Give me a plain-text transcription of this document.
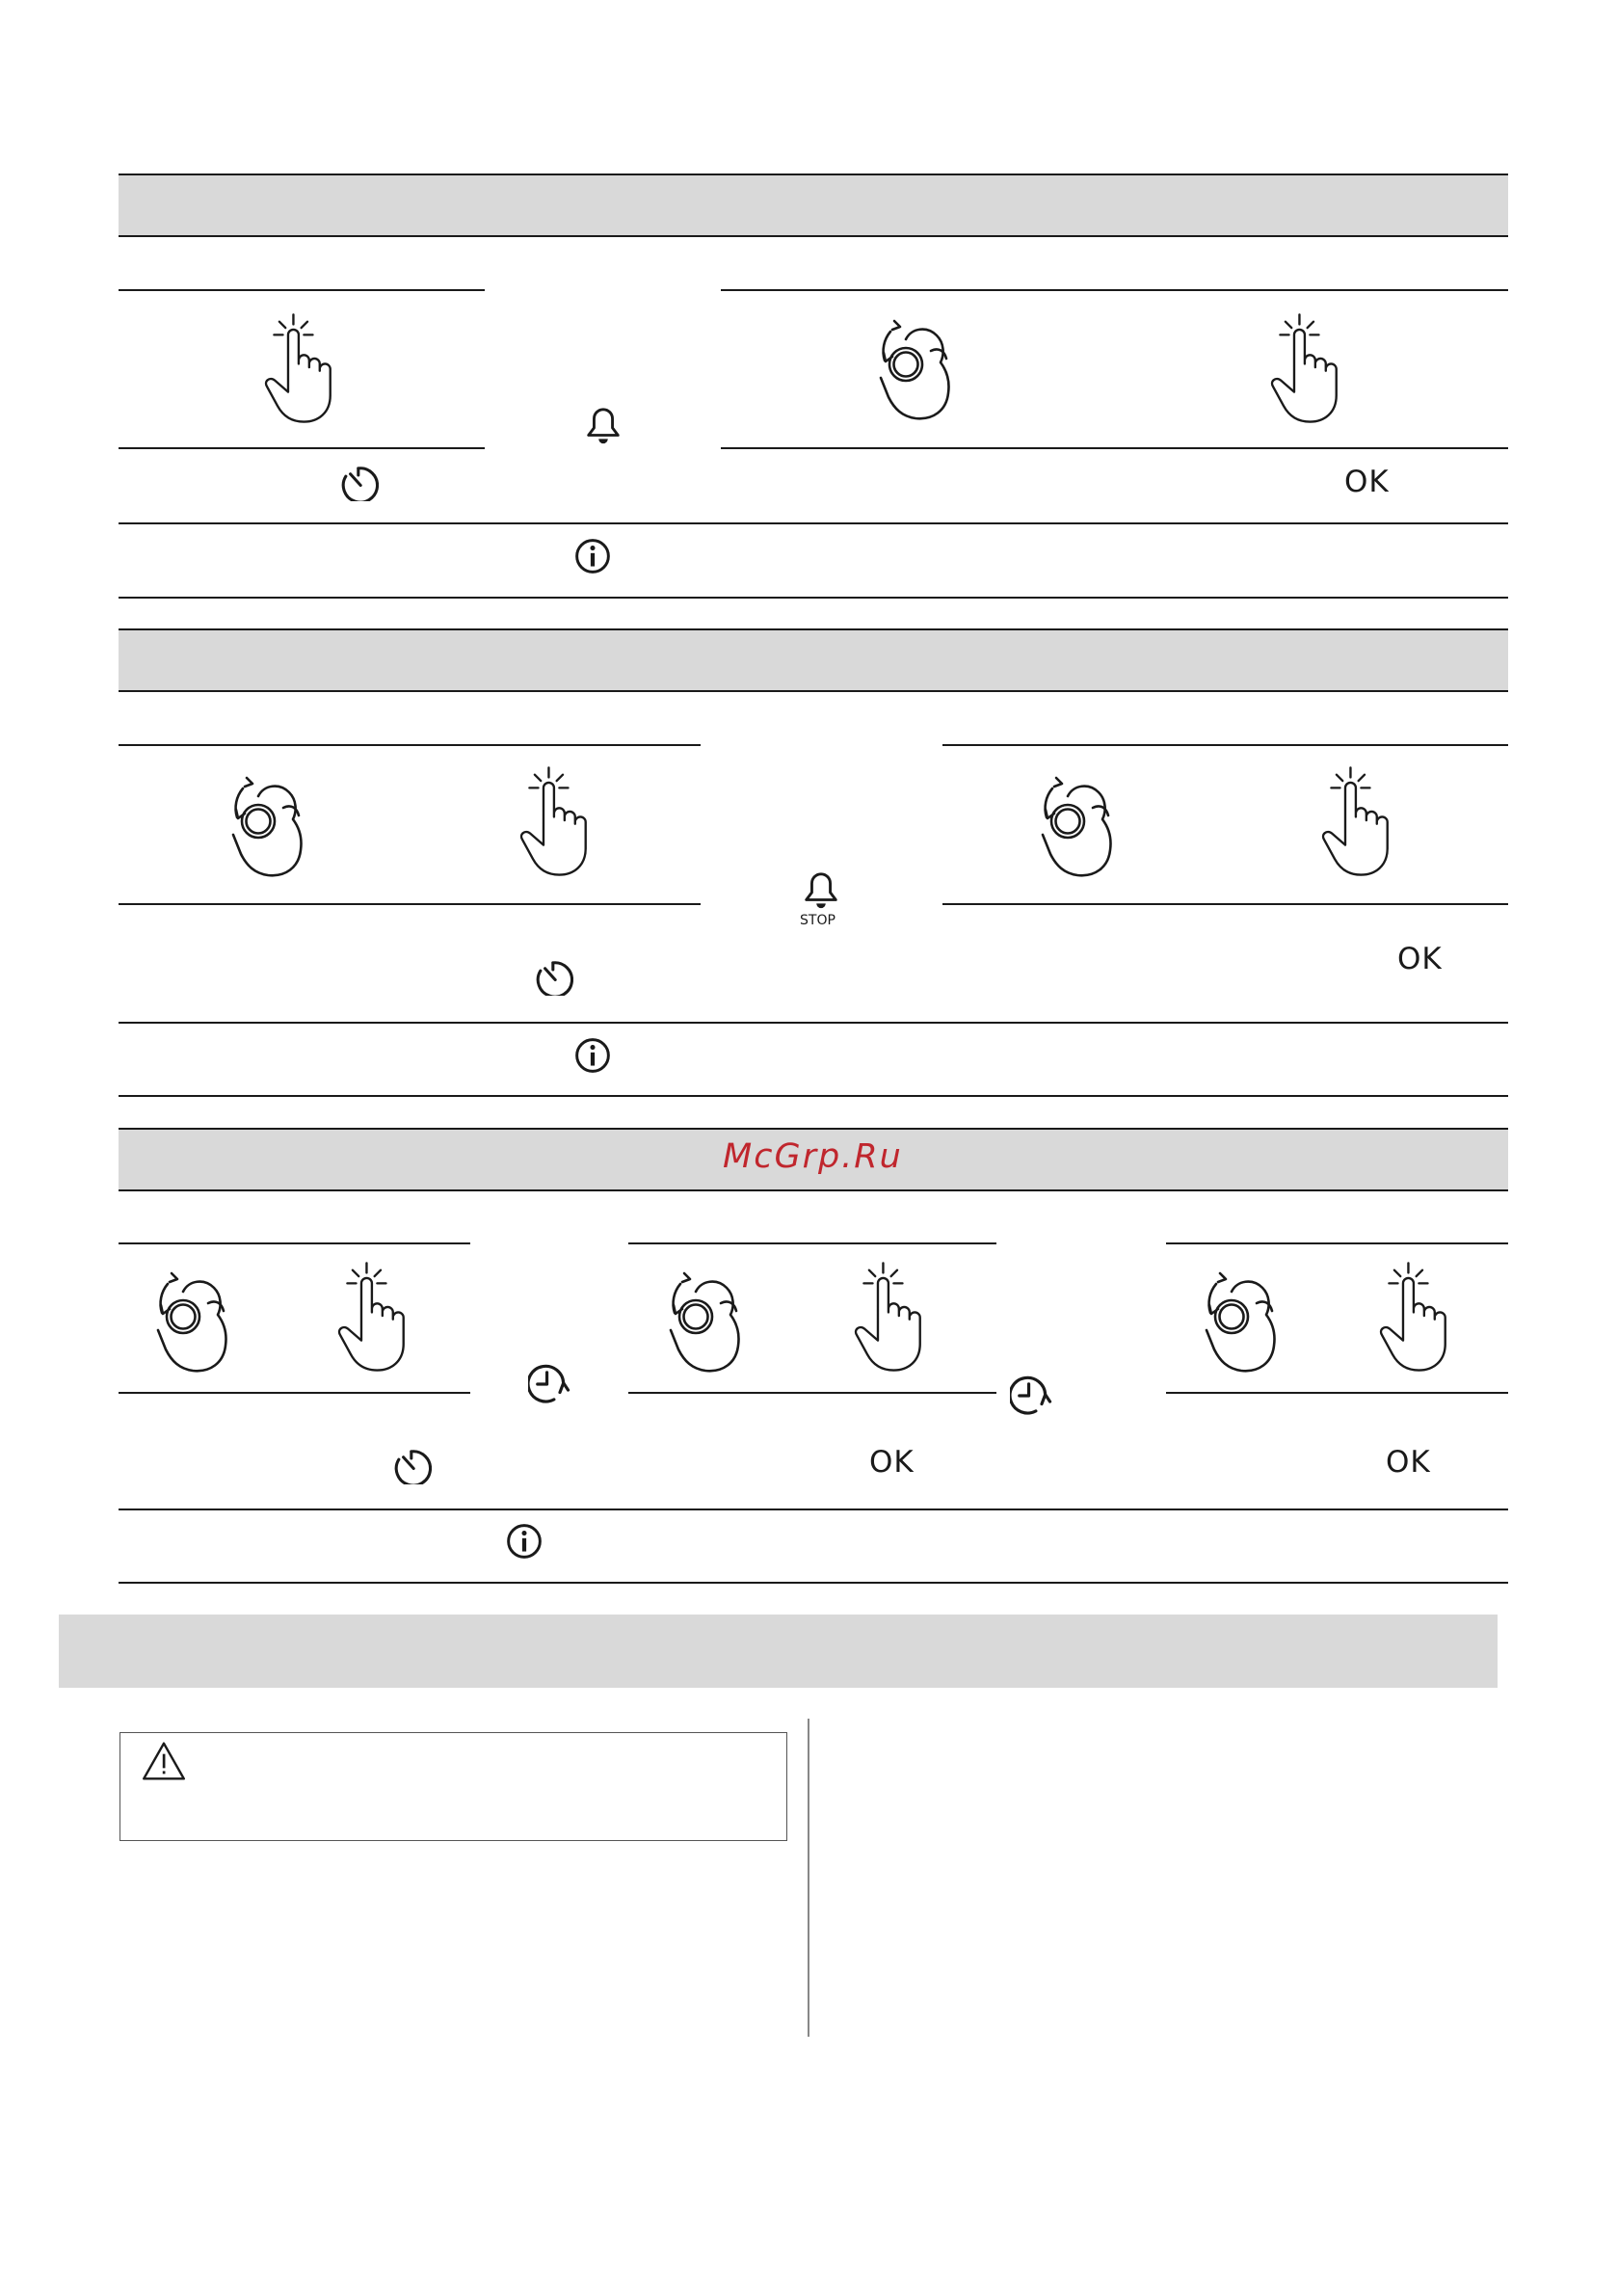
OK
STOP
OK
McGrp.Ru
OK	OK
